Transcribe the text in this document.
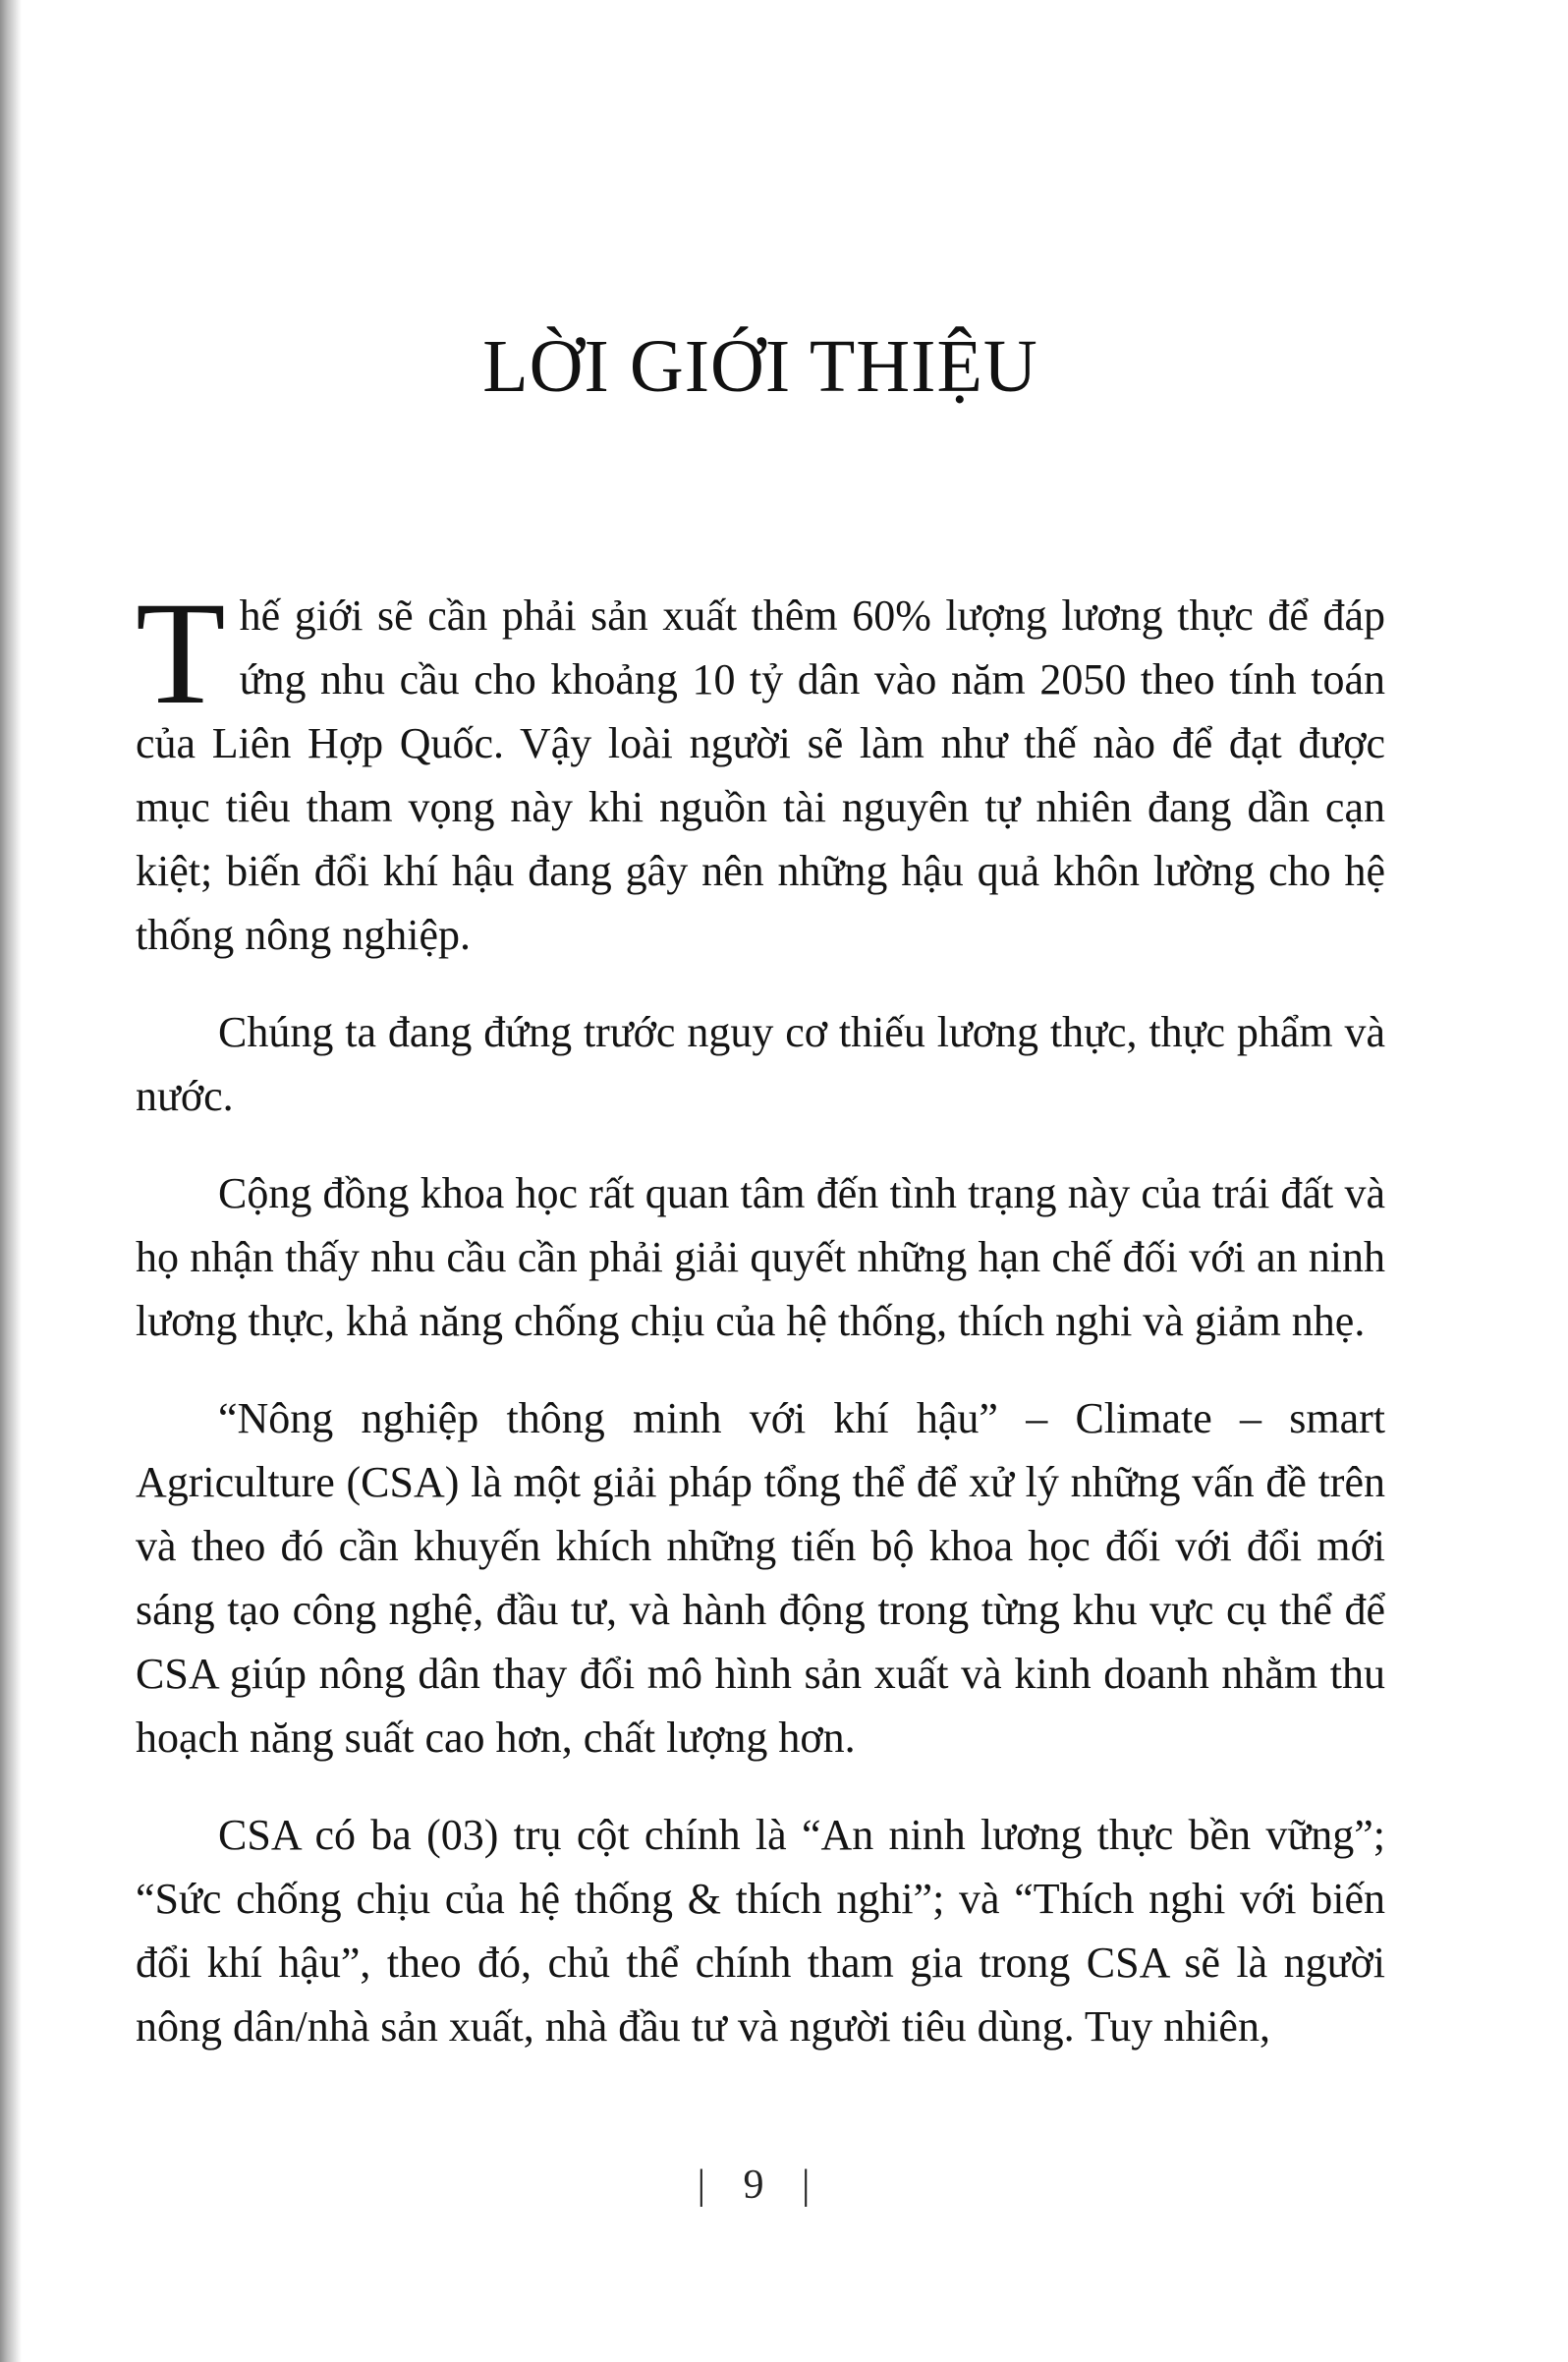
LỜI GIỚI THIỆU

Thế giới sẽ cần phải sản xuất thêm 60% lượng lương thực để đáp ứng nhu cầu cho khoảng 10 tỷ dân vào năm 2050 theo tính toán của Liên Hợp Quốc. Vậy loài người sẽ làm như thế nào để đạt được mục tiêu tham vọng này khi nguồn tài nguyên tự nhiên đang dần cạn kiệt; biến đổi khí hậu đang gây nên những hậu quả khôn lường cho hệ thống nông nghiệp.

Chúng ta đang đứng trước nguy cơ thiếu lương thực, thực phẩm và nước.

Cộng đồng khoa học rất quan tâm đến tình trạng này của trái đất và họ nhận thấy nhu cầu cần phải giải quyết những hạn chế đối với an ninh lương thực, khả năng chống chịu của hệ thống, thích nghi và giảm nhẹ.

“Nông nghiệp thông minh với khí hậu” – Climate – smart Agriculture (CSA) là một giải pháp tổng thể để xử lý những vấn đề trên và theo đó cần khuyến khích những tiến bộ khoa học đối với đổi mới sáng tạo công nghệ, đầu tư, và hành động trong từng khu vực cụ thể để CSA giúp nông dân thay đổi mô hình sản xuất và kinh doanh nhằm thu hoạch năng suất cao hơn, chất lượng hơn.

CSA có ba (03) trụ cột chính là “An ninh lương thực bền vững”; “Sức chống chịu của hệ thống & thích nghi”; và “Thích nghi với biến đổi khí hậu”, theo đó, chủ thể chính tham gia trong CSA sẽ là người nông dân/nhà sản xuất, nhà đầu tư và người tiêu dùng. Tuy nhiên,

| 9 |
